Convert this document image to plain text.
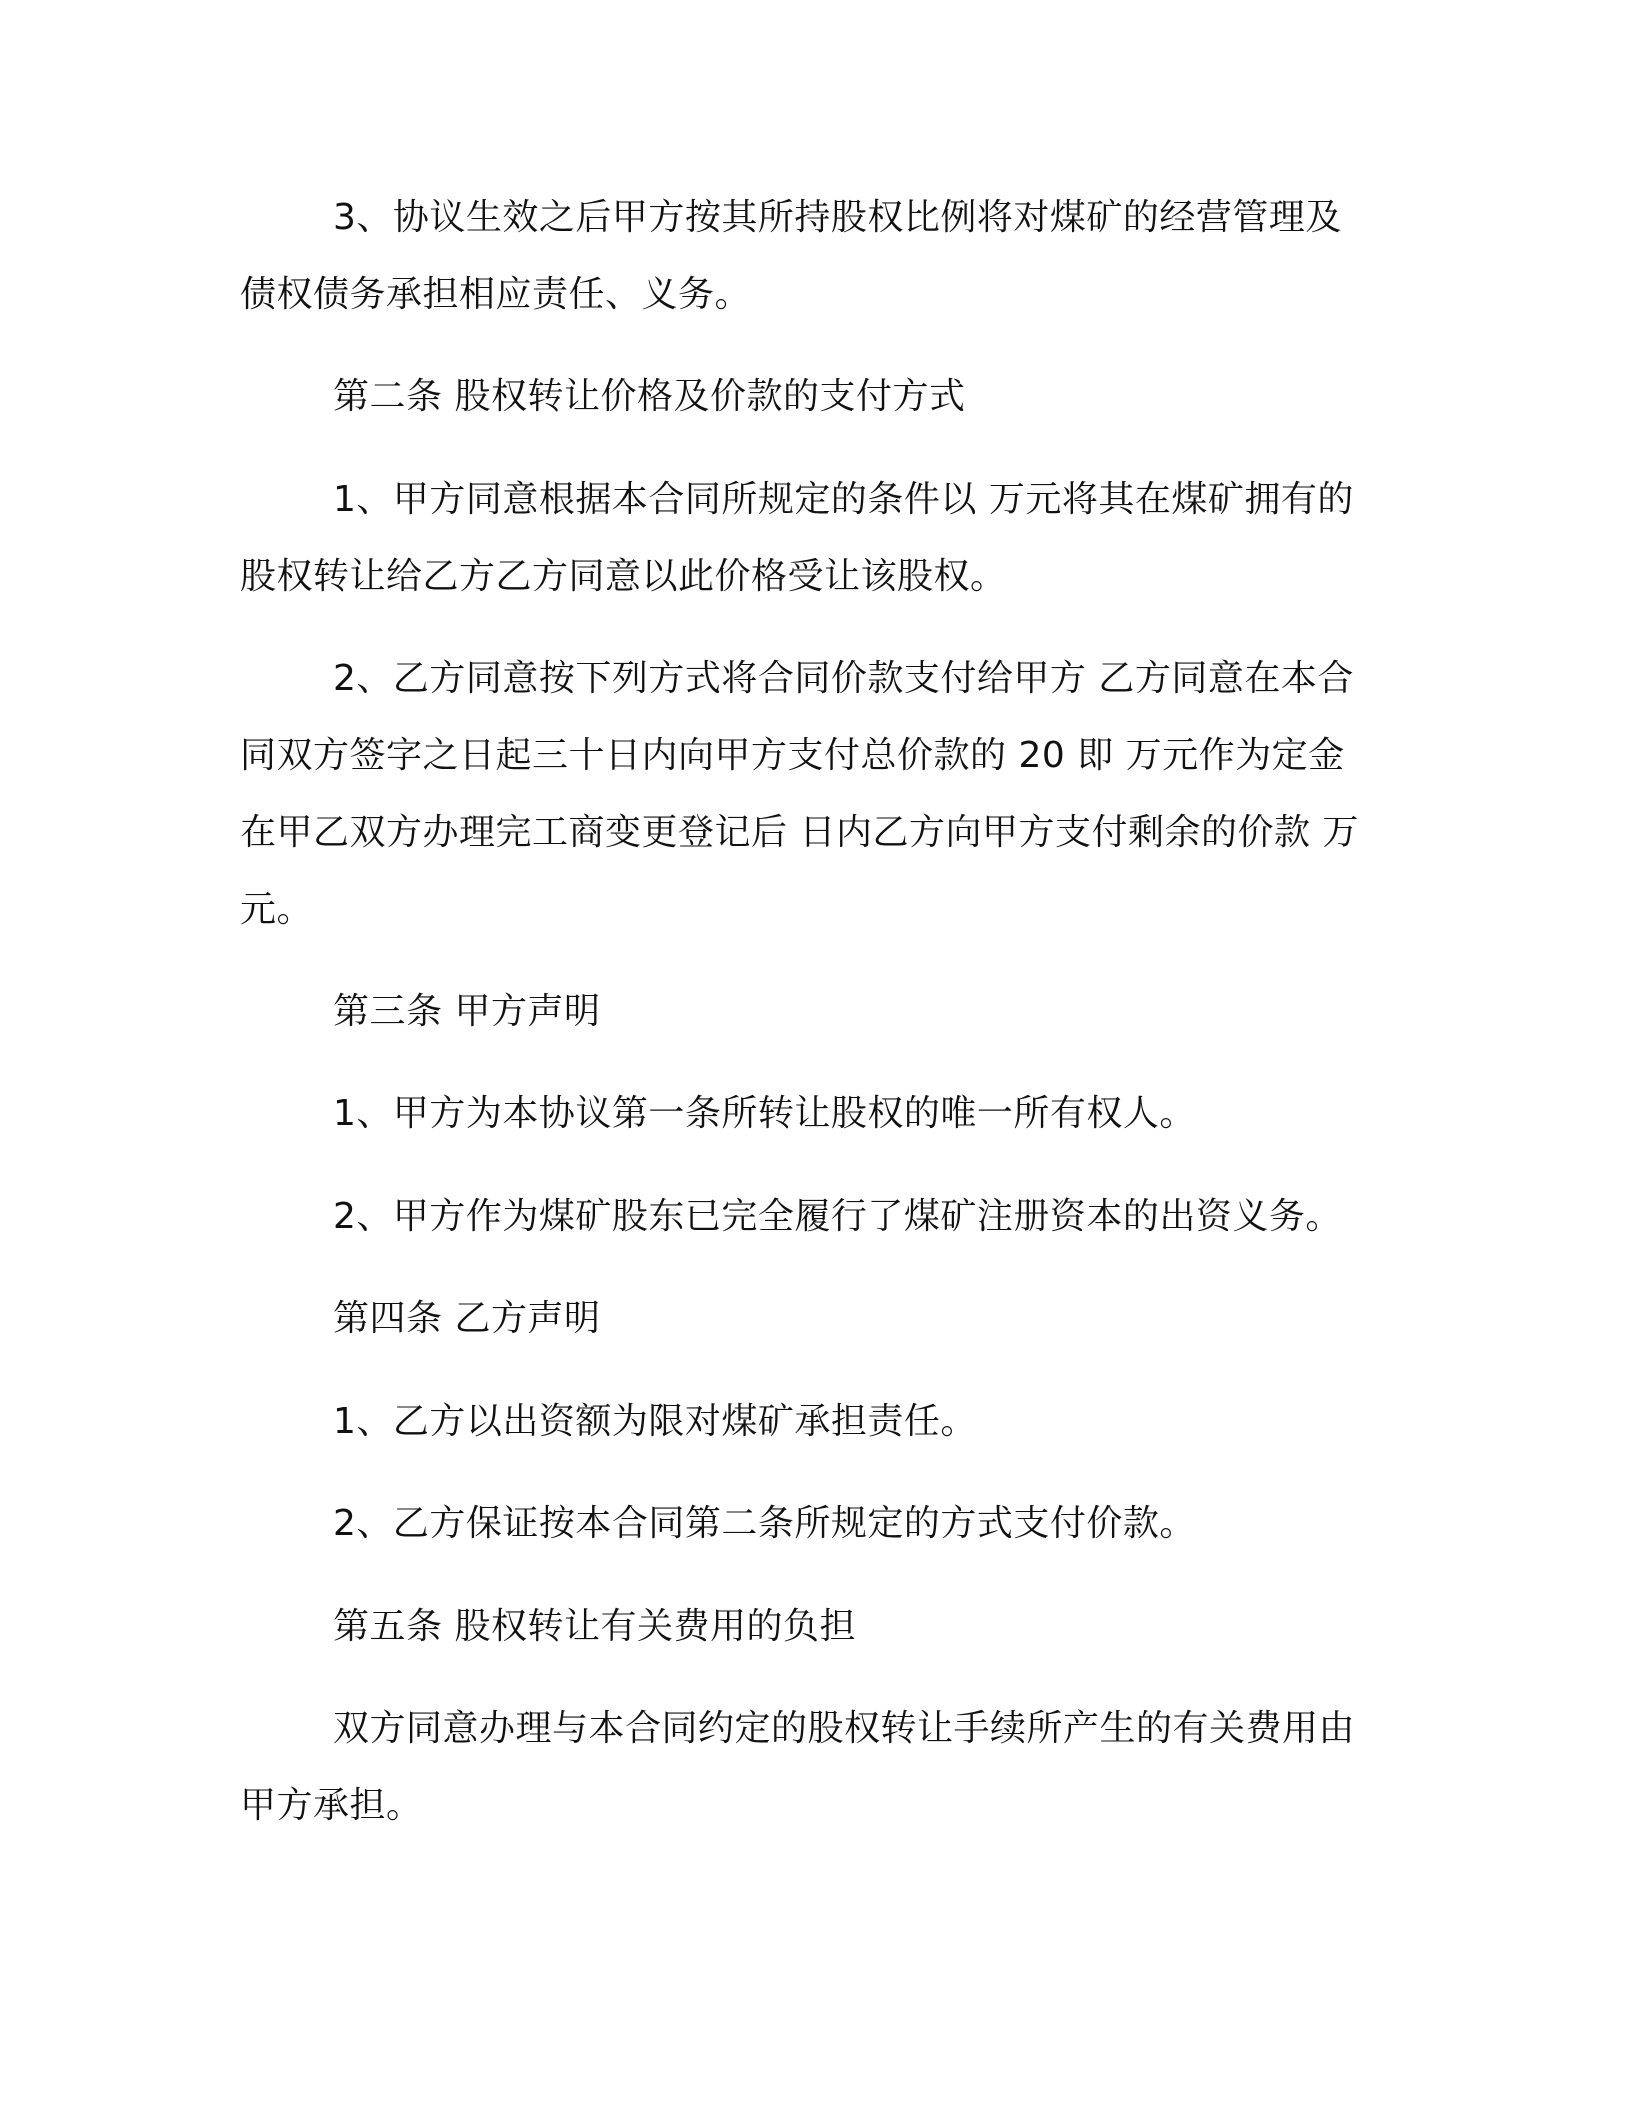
3、协议生效之后甲方按其所持股权比例将对煤矿的经营管理及
债权债务承担相应责任、义务。
第二条 股权转让价格及价款的支付方式
1、甲方同意根据本合同所规定的条件以 万元将其在煤矿拥有的
股权转让给乙方乙方同意以此价格受让该股权。
2、乙方同意按下列方式将合同价款支付给甲方 乙方同意在本合
同双方签字之日起三十日内向甲方支付总价款的 20 即 万元作为定金
在甲乙双方办理完工商变更登记后 日内乙方向甲方支付剩余的价款 万
元。
第三条 甲方声明
1、甲方为本协议第一条所转让股权的唯一所有权人。
2、甲方作为煤矿股东已完全履行了煤矿注册资本的出资义务。
第四条 乙方声明
1、乙方以出资额为限对煤矿承担责任。
2、乙方保证按本合同第二条所规定的方式支付价款。
第五条 股权转让有关费用的负担
双方同意办理与本合同约定的股权转让手续所产生的有关费用由
甲方承担。
